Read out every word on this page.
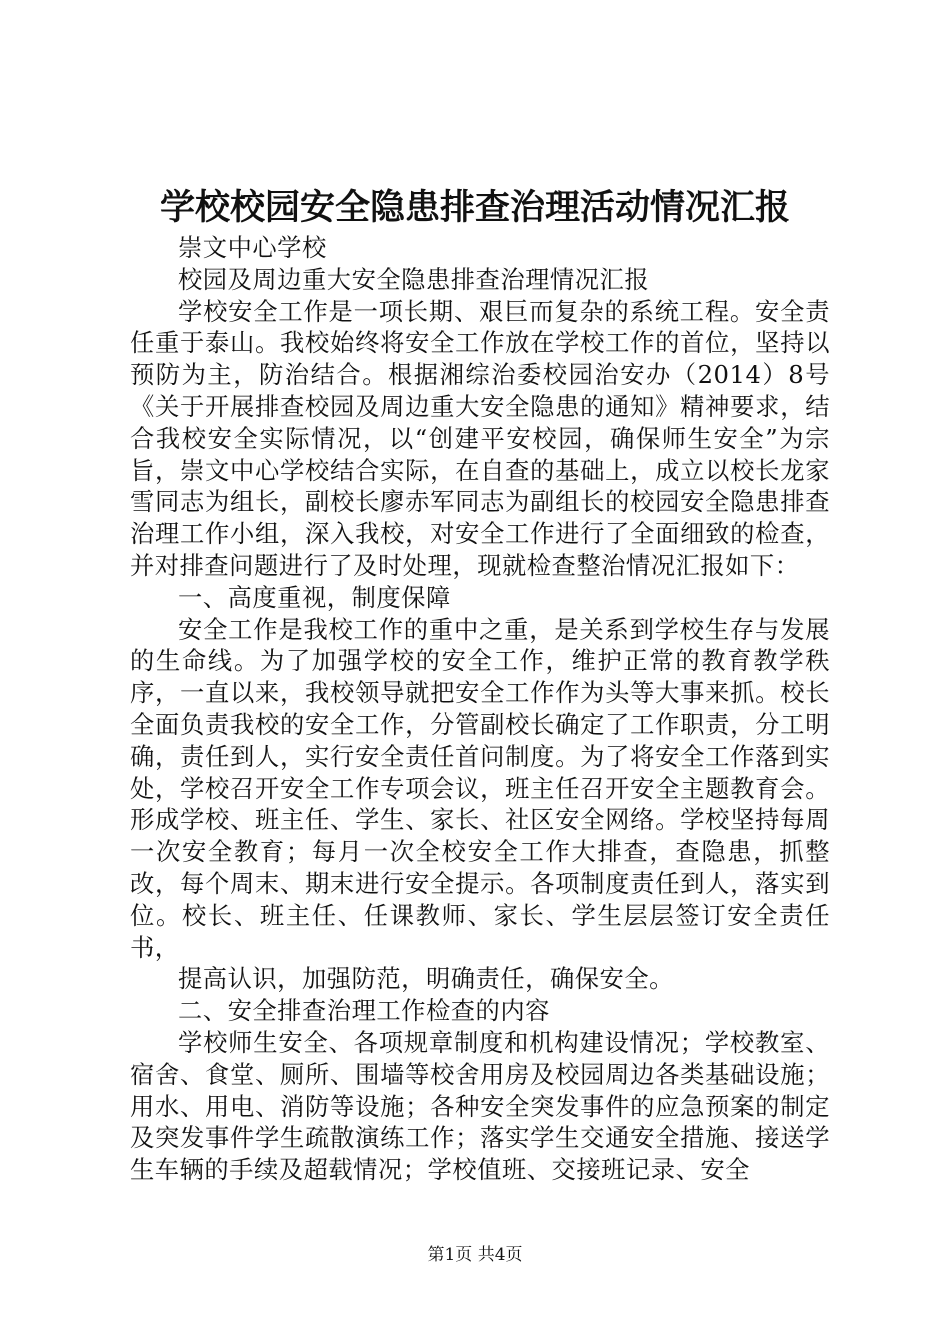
学校校园安全隐患排查治理活动情况汇报

崇文中心学校

校园及周边重大安全隐患排查治理情况汇报

学校安全工作是一项长期、艰巨而复杂的系统工程。安全责任重于泰山。我校始终将安全工作放在学校工作的首位，坚持以预防为主，防治结合。根据湘综治委校园治安办（2014）8号《关于开展排查校园及周边重大安全隐患的通知》精神要求，结合我校安全实际情况，以“创建平安校园，确保师生安全”为宗旨，崇文中心学校结合实际，在自查的基础上，成立以校长龙家雪同志为组长，副校长廖赤军同志为副组长的校园安全隐患排查治理工作小组，深入我校，对安全工作进行了全面细致的检查，并对排查问题进行了及时处理，现就检查整治情况汇报如下：

一、高度重视，制度保障

安全工作是我校工作的重中之重，是关系到学校生存与发展的生命线。为了加强学校的安全工作，维护正常的教育教学秩序，一直以来，我校领导就把安全工作作为头等大事来抓。校长全面负责我校的安全工作，分管副校长确定了工作职责，分工明确，责任到人，实行安全责任首问制度。为了将安全工作落到实处，学校召开安全工作专项会议，班主任召开安全主题教育会。形成学校、班主任、学生、家长、社区安全网络。学校坚持每周一次安全教育；每月一次全校安全工作大排查，查隐患，抓整改，每个周末、期末进行安全提示。各项制度责任到人，落实到位。校长、班主任、任课教师、家长、学生层层签订安全责任书，

提高认识，加强防范，明确责任，确保安全。

二、安全排查治理工作检查的内容

学校师生安全、各项规章制度和机构建设情况；学校教室、宿舍、食堂、厕所、围墙等校舍用房及校园周边各类基础设施；用水、用电、消防等设施；各种安全突发事件的应急预案的制定及突发事件学生疏散演练工作；落实学生交通安全措施、接送学生车辆的手续及超载情况；学校值班、交接班记录、安全

第1页 共4页
